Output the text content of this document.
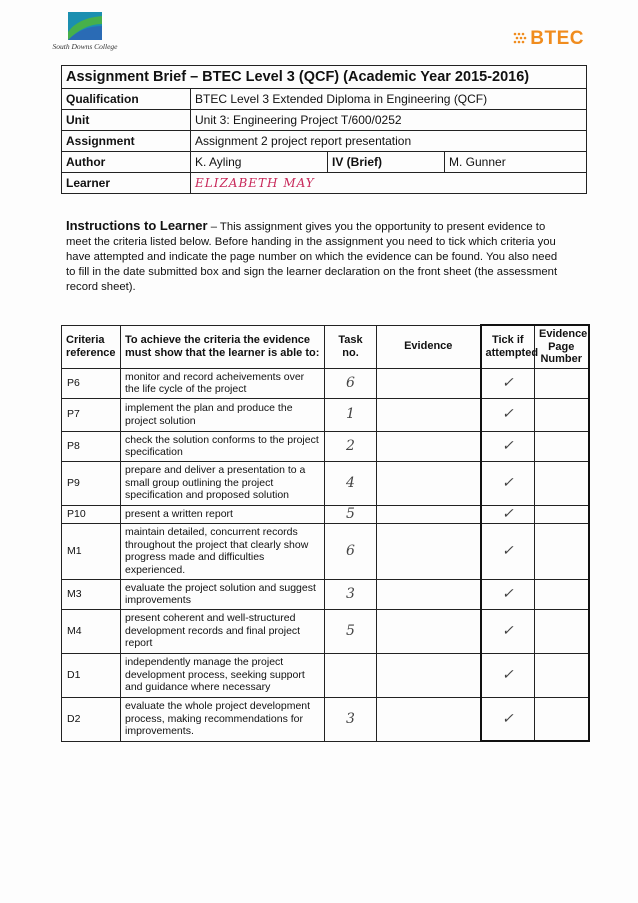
South Downs College	BTEC
Assignment Brief – BTEC Level 3 (QCF) (Academic Year 2015-2016)			
Qualification	BTEC Level 3 Extended Diploma in Engineering (QCF)		
Unit	Unit 3: Engineering Project T/600/0252		
Assignment	Assignment 2 project report presentation		
Author	K. Ayling	IV (Brief)	M. Gunner
Learner	ELIZABETH MAY		
Instructions to Learner – This assignment gives you the opportunity to present evidence to meet the criteria listed below. Before handing in the assignment you need to tick which criteria you have attempted and indicate the page number on which the evidence can be found. You also need to fill in the date submitted box and sign the learner declaration on the front sheet (the assessment record sheet).
Criteria reference	To achieve the criteria the evidence must show that the learner is able to:	Task no.	Evidence	Tick if attempted	Evidence Page Number
P6	monitor and record acheivements over the life cycle of the project	6		✓	
P7	implement the plan and produce the project solution	1		✓	
P8	check the solution conforms to the project specification	2		✓	
P9	prepare and deliver a presentation to a small group outlining the project specification and proposed solution	4		✓	
P10	present a written report	5		✓	
M1	maintain detailed, concurrent records throughout the project that clearly show progress made and difficulties experienced.	6		✓	
M3	evaluate the project solution and suggest improvements	3		✓	
M4	present coherent and well-structured development records and final project report	5		✓	
D1	independently manage the project development process, seeking support and guidance where necessary			✓	
D2	evaluate the whole project development process, making recommendations for improvements.	3		✓	
